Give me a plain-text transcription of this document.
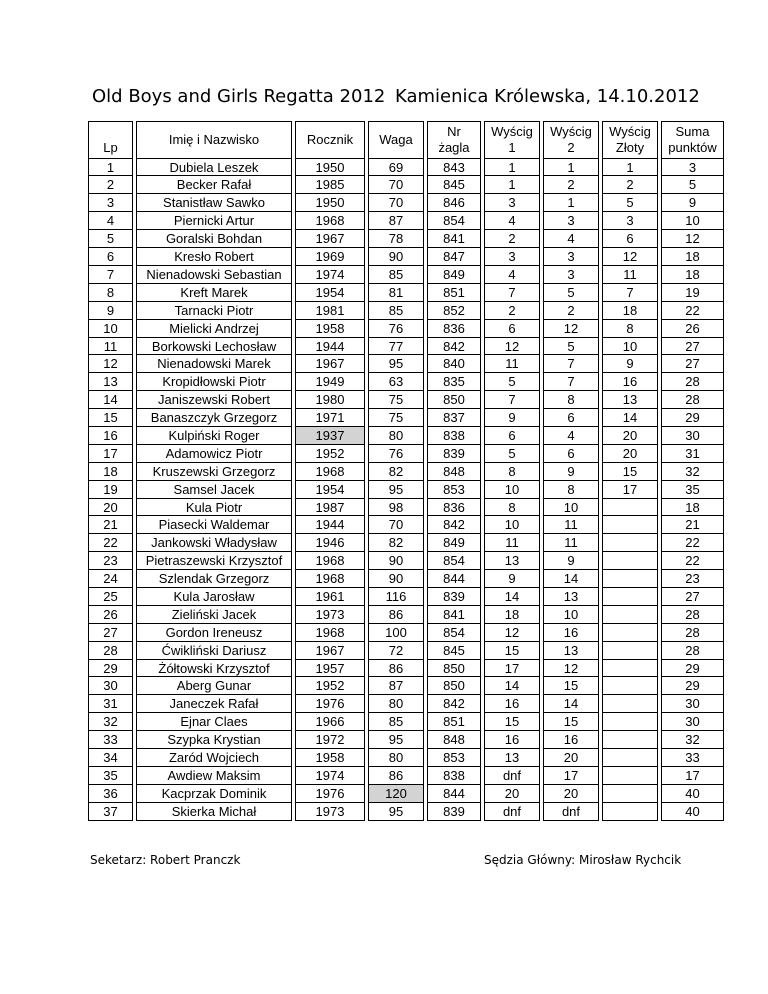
Old Boys and Girls Regatta 2012 Kamienica Królewska, 14.10.2012
Lp
1
2
3
4
5
6
7
8
9
10
11
12
13
14
15
16
17
18
19
20
21
22
23
24
25
26
27
28
29
30
31
32
33
34
35
36
37
Imię i Nazwisko
Dubiela Leszek
Becker Rafał
Stanistław Sawko
Piernicki Artur
Goralski Bohdan
Kresło Robert
Nienadowski Sebastian
Kreft Marek
Tarnacki Piotr
Mielicki Andrzej
Borkowski Lechosław
Nienadowski Marek
Kropidłowski Piotr
Janiszewski Robert
Banaszczyk Grzegorz
Kulpiński Roger
Adamowicz Piotr
Kruszewski Grzegorz
Samsel Jacek
Kula Piotr
Piasecki Waldemar
Jankowski Władysław
Pietraszewski Krzysztof
Szlendak Grzegorz
Kula Jarosław
Zieliński Jacek
Gordon Ireneusz
Ćwikliński Dariusz
Żółtowski Krzysztof
Aberg Gunar
Janeczek Rafał
Ejnar Claes
Szypka Krystian
Zaród Wojciech
Awdiew Maksim
Kacprzak Dominik
Skierka Michał
Rocznik
1950
1985
1950
1968
1967
1969
1974
1954
1981
1958
1944
1967
1949
1980
1971
1937
1952
1968
1954
1987
1944
1946
1968
1968
1961
1973
1968
1967
1957
1952
1976
1966
1972
1958
1974
1976
1973
Waga
69
70
70
87
78
90
85
81
85
76
77
95
63
75
75
80
76
82
95
98
70
82
90
90
116
86
100
72
86
87
80
85
95
80
86
120
95
Nr
żagla
843
845
846
854
841
847
849
851
852
836
842
840
835
850
837
838
839
848
853
836
842
849
854
844
839
841
854
845
850
850
842
851
848
853
838
844
839
Wyścig
1
1
1
3
4
2
3
4
7
2
6
12
11
5
7
9
6
5
8
10
8
10
11
13
9
14
18
12
15
17
14
16
15
16
13
dnf
20
dnf
Wyścig
2
1
2
1
3
4
3
3
5
2
12
5
7
7
8
6
4
6
9
8
10
11
11
9
14
13
10
16
13
12
15
14
15
16
20
17
20
dnf
Wyścig
Złoty
1
2
5
3
6
12
11
7
18
8
10
9
16
13
14
20
20
15
17
Suma
punktów
3
5
9
10
12
18
18
19
22
26
27
27
28
28
29
30
31
32
35
18
21
22
22
23
27
28
28
28
29
29
30
30
32
33
17
40
40
Seketarz: Robert Pranczk	Sędzia Główny: Mirosław Rychcik
